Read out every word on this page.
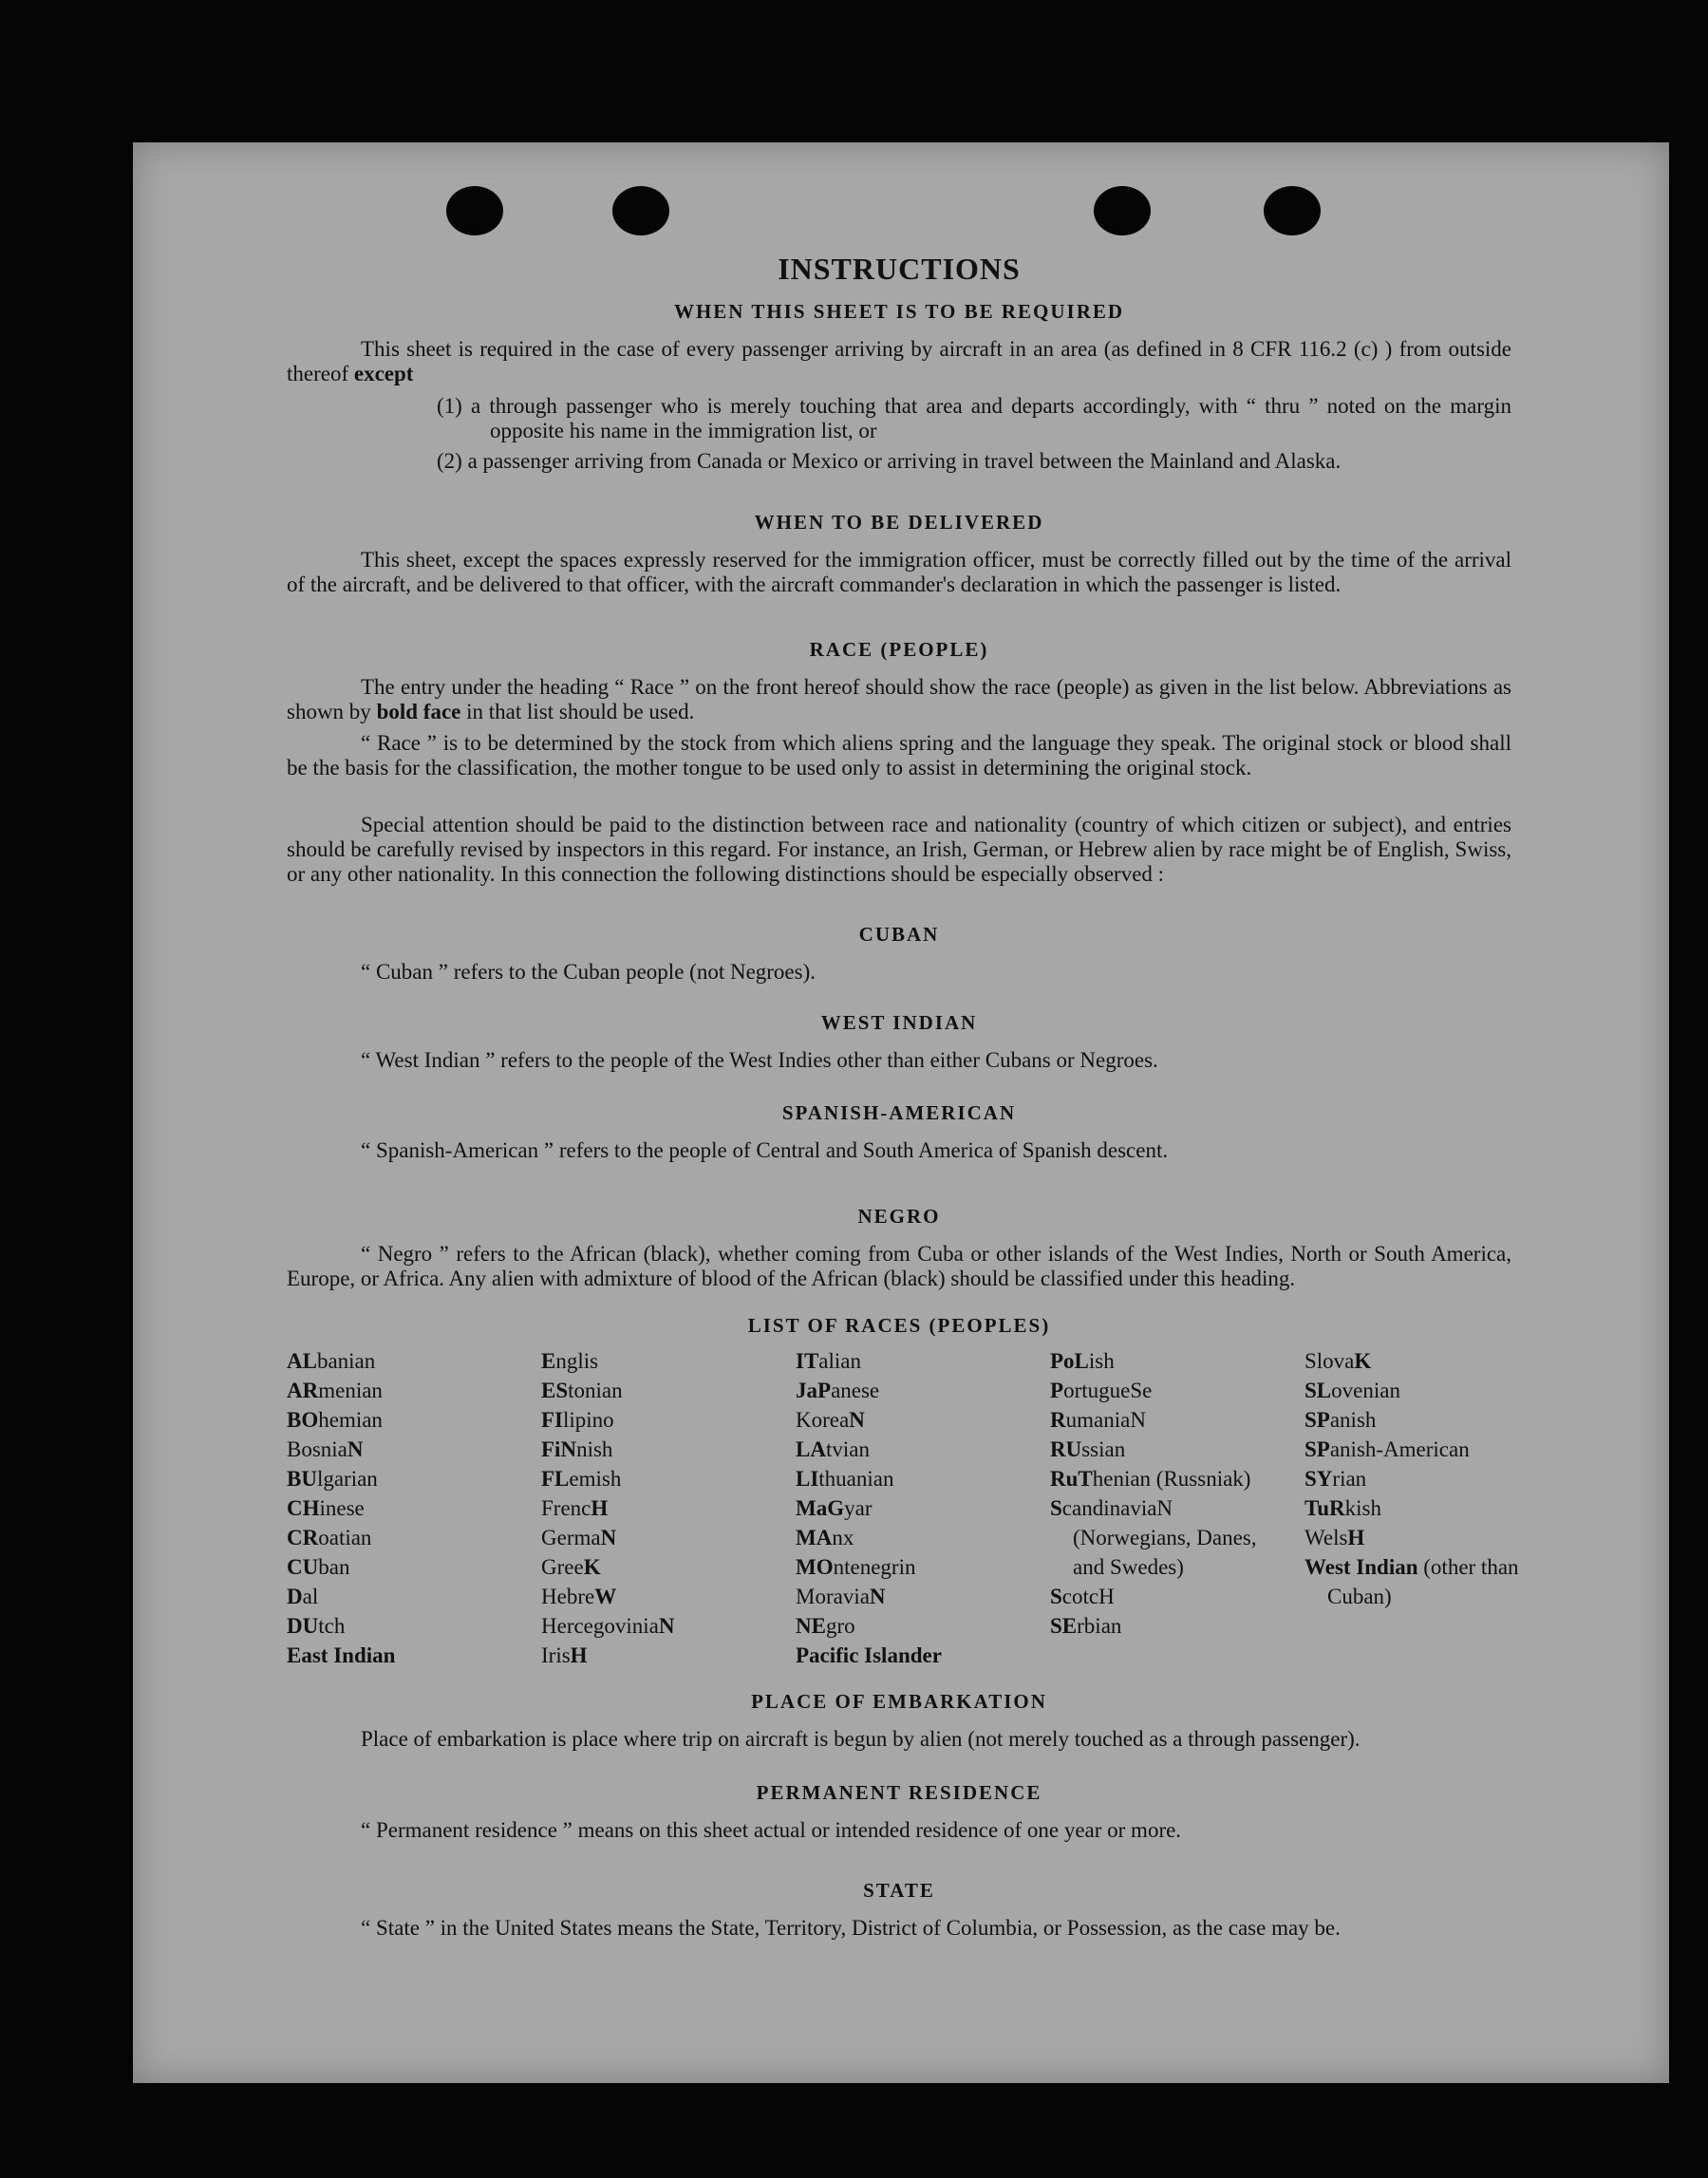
INSTRUCTIONS
WHEN THIS SHEET IS TO BE REQUIRED
This sheet is required in the case of every passenger arriving by aircraft in an area (as defined in 8 CFR 116.2 (c) ) from outside thereof except
(1) a through passenger who is merely touching that area and departs accordingly, with “ thru ” noted on the margin opposite his name in the immigration list, or
(2) a passenger arriving from Canada or Mexico or arriving in travel between the Mainland and Alaska.
WHEN TO BE DELIVERED
This sheet, except the spaces expressly reserved for the immigration officer, must be correctly filled out by the time of the arrival of the aircraft, and be delivered to that officer, with the aircraft commander's declaration in which the passenger is listed.
RACE (PEOPLE)
The entry under the heading “ Race ” on the front hereof should show the race (people) as given in the list below. Abbreviations as shown by bold face in that list should be used.
“ Race ” is to be determined by the stock from which aliens spring and the language they speak. The original stock or blood shall be the basis for the classification, the mother tongue to be used only to assist in determining the original stock.
Special attention should be paid to the distinction between race and nationality (country of which citizen or subject), and entries should be carefully revised by inspectors in this regard. For instance, an Irish, German, or Hebrew alien by race might be of English, Swiss, or any other nationality. In this connection the following distinctions should be especially observed :
CUBAN
“ Cuban ” refers to the Cuban people (not Negroes).
WEST INDIAN
“ West Indian ” refers to the people of the West Indies other than either Cubans or Negroes.
SPANISH-AMERICAN
“ Spanish-American ” refers to the people of Central and South America of Spanish descent.
NEGRO
“ Negro ” refers to the African (black), whether coming from Cuba or other islands of the West Indies, North or South America, Europe, or Africa. Any alien with admixture of blood of the African (black) should be classified under this heading.
LIST OF RACES (PEOPLES)
ALbanian
ARmenian
BOhemian
BosniaN
BUlgarian
CHinese
CRoatian
CUban
Dal
DUtch
East Indian
Englis
EStonian
FIlipino
FiNnish
FLemish
FrencH
GermaN
GreeK
HebreW
HercegoviniaN
IrisH
ITalian
JaPanese
KoreaN
LAtvian
LIthuanian
MaGyar
MAnx
MOntenegrin
MoraviaN
NEgro
Pacific Islander
PoLish
PortugueSe
RumaniaN
RUssian
RuThenian (Russniak)
ScandinaviaN (Norwegians, Danes, and Swedes)
ScotcH
SErbian
SlovaK
SLovenian
SPanish
SPanish-American
SYrian
TuRkish
WelsH
West Indian (other than Cuban)
PLACE OF EMBARKATION
Place of embarkation is place where trip on aircraft is begun by alien (not merely touched as a through passenger).
PERMANENT RESIDENCE
“ Permanent residence ” means on this sheet actual or intended residence of one year or more.
STATE
“ State ” in the United States means the State, Territory, District of Columbia, or Possession, as the case may be.
